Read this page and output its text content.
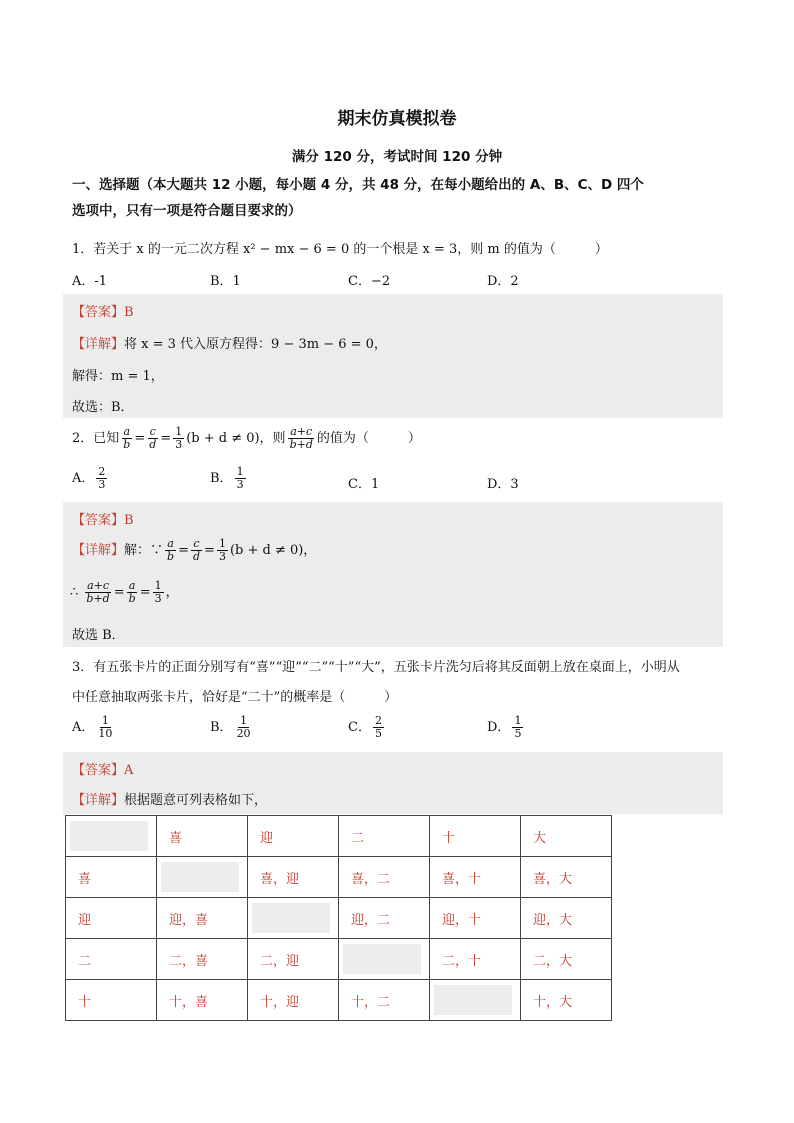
期末仿真模拟卷
满分 120 分，考试时间 120 分钟
一、选择题（本大题共 12 小题，每小题 4 分，共 48 分，在每小题给出的 A、B、C、D 四个
选项中，只有一项是符合题目要求的）
1．若关于 x 的一元二次方程 x² − mx − 6 = 0 的一个根是 x = 3，则 m 的值为（　　　）
A．-1	B．1	C．−2	D．2
【答案】B
【详解】将 x = 3 代入原方程得：9 − 3m − 6 = 0，
解得：m = 1，
故选：B．
2．已知 $\frac{a}{b} = \frac{c}{d} = \frac{1}{3} (b + d \ne 0)$，则 $\frac{a+c}{b+d}$ 的值为（　　　）
A． $\frac{2}{3}$	B． $\frac{1}{3}$	C．1	D．3
【答案】B
【详解】解：∵ $\frac{a}{b} = \frac{c}{d} = \frac{1}{3} (b + d \ne 0)$，
∴ $\frac{a+c}{b+d} = \frac{a}{b} = \frac{1}{3}$ ，
故选 B．
3．有五张卡片的正面分别写有“喜”“迎”“二”“十”“大”，五张卡片洗匀后将其反面朝上放在桌面上，小明从
中任意抽取两张卡片，恰好是“二十”的概率是（　　　）
A． $\frac{1}{10}$	B． $\frac{1}{20}$	C． $\frac{2}{5}$	D． $\frac{1}{5}$
【答案】A
【详解】根据题意可列表格如下，
	喜	迎	二	十	大
喜		喜，迎	喜，二	喜，十	喜，大
迎	迎，喜		迎，二	迎，十	迎，大
二	二，喜	二，迎		二，十	二，大
十	十，喜	十，迎	十，二		十，大
